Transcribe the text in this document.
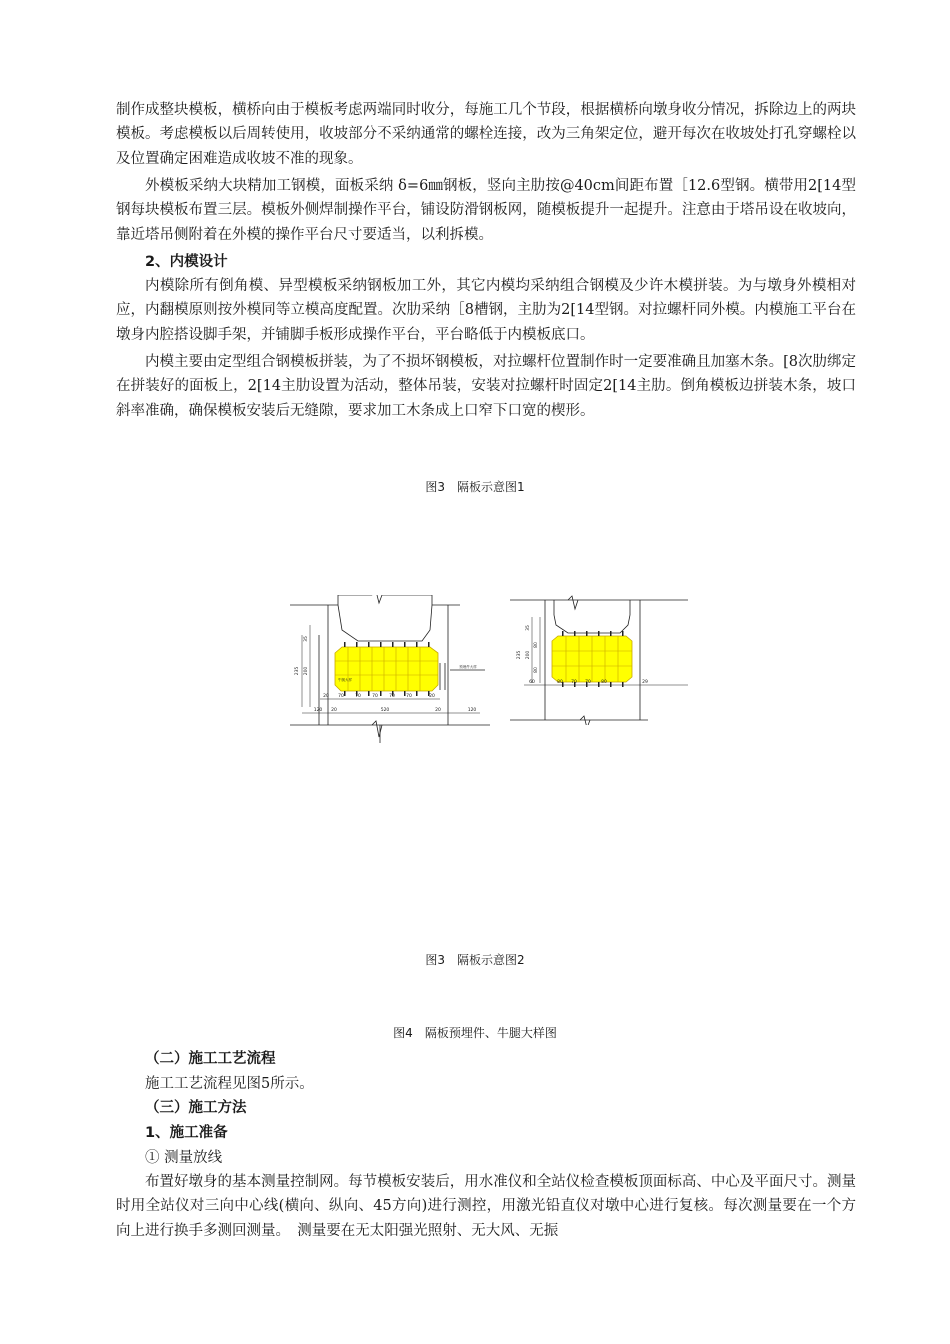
制作成整块模板，横桥向由于模板考虑两端同时收分，每施工几个节段，根据横桥向墩身收分情况，拆除边上的两块模板。考虑模板以后周转使用，收坡部分不采纳通常的螺栓连接，改为三角架定位，避开每次在收坡处打孔穿螺栓以及位置确定困难造成收坡不准的现象。

外模板采纳大块精加工钢模，面板采纳 δ=6㎜钢板，竖向主肋按@40cm间距布置［12.6型钢。横带用2[14型钢每块模板布置三层。模板外侧焊制操作平台，铺设防滑钢板网，随模板提升一起提升。注意由于塔吊设在收坡向，靠近塔吊侧附着在外模的操作平台尺寸要适当，以利拆模。

2、内模设计

内模除所有倒角模、异型模板采纳钢板加工外，其它内模均采纳组合钢模及少许木模拼装。为与墩身外模相对应，内翻模原则按外模同等立模高度配置。次肋采纳［8槽钢，主肋为2[14型钢。对拉螺杆同外模。内模施工平台在墩身内腔搭设脚手架，并铺脚手板形成操作平台，平台略低于内模板底口。

内模主要由定型组合钢模板拼装，为了不损坏钢模板，对拉螺杆位置制作时一定要准确且加塞木条。[8次肋绑定在拼装好的面板上，2[14主肋设置为活动，整体吊装，安装对拉螺杆时固定2[14主肋。倒角模板边拼装木条，坡口斜率准确，确保模板安装后无缝隙，要求加工木条成上口窄下口宽的楔形。

图3 隔板示意图1

20 70	70	70	70	70	20
120 20	520	20	120
235 200
35
预埋件大样
牛腿大样	60	80 70 70 80	29
235 200
80
80
35

图3 隔板示意图2

图4 隔板预埋件、牛腿大样图

（二）施工工艺流程

施工工艺流程见图5所示。

（三）施工方法

1、施工准备

① 测量放线

布置好墩身的基本测量控制网。每节模板安装后，用水准仪和全站仪检查模板顶面标高、中心及平面尺寸。测量时用全站仪对三向中心线(横向、纵向、45方向)进行测控，用激光铅直仪对墩中心进行复核。每次测量要在一个方向上进行换手多测回测量。　测量要在无太阳强光照射、无大风、无振
